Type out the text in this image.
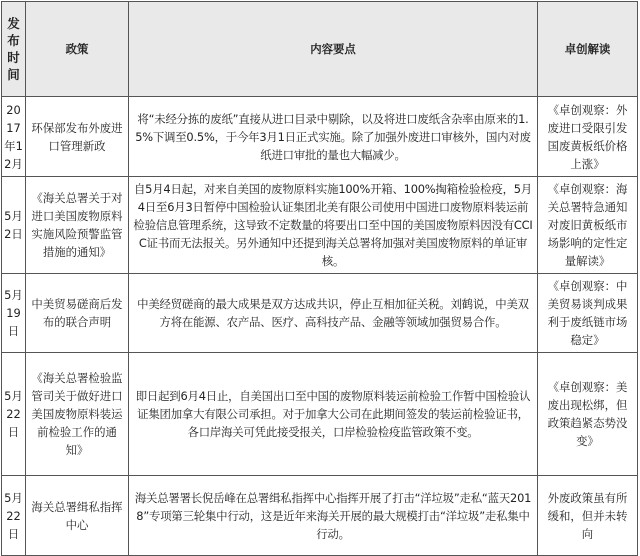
发布时间	政策	内容要点	卓创解读
2017年12月	环保部发布外废进口管理新政	将“未经分拣的废纸”直接从进口目录中剔除，以及将进口废纸含杂率由原来的1.5%下调至0.5%，于今年3月1日正式实施。除了加强外废进口审核外，国内对废纸进口审批的量也大幅减少。	《卓创观察：外废进口受限引发国废黄板纸价格上涨》
5月2日	《海关总署关于对进口美国废物原料实施风险预警监管措施的通知》	自5月4日起，对来自美国的废物原料实施100%开箱、100%掏箱检验检疫，5月4日至6月3日暂停中国检验认证集团北美有限公司使用中国进口废物原料装运前检验信息管理系统，这导致不定数量的将要出口至中国的美国废物原料因没有CCIC证书而无法报关。另外通知中还提到海关总署将加强对美国废物原料的单证审核。	《卓创观察：海关总署特急通知对废旧黄板纸市场影响的定性定量解读》
5月19日	中美贸易磋商后发布的联合声明	中美经贸磋商的最大成果是双方达成共识，停止互相加征关税。刘鹤说，中美双方将在能源、农产品、医疗、高科技产品、金融等领域加强贸易合作。	《卓创观察：中美贸易谈判成果利于废纸链市场稳定》
5月22日	《海关总署检验监管司关于做好进口美国废物原料装运前检验工作的通知》	即日起到6月4日止，自美国出口至中国的废物原料装运前检验工作暂中国检验认证集团加拿大有限公司承担。对于加拿大公司在此期间签发的装运前检验证书，各口岸海关可凭此接受报关，口岸检验检疫监管政策不变。	《卓创观察：美废出现松绑，但政策趋紧态势没变》
5月22日	海关总署缉私指挥中心	海关总署署长倪岳峰在总署缉私指挥中心指挥开展了打击“洋垃圾”走私“蓝天2018”专项第三轮集中行动，这是近年来海关开展的最大规模打击“洋垃圾”走私集中行动。	外废政策虽有所缓和，但并未转向
